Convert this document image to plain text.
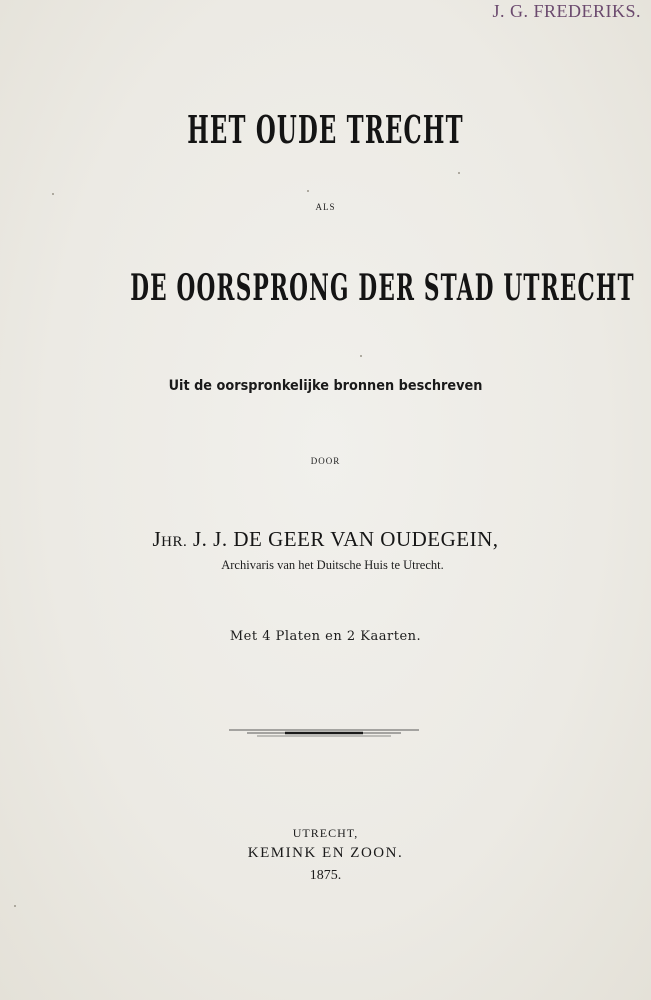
J. G. FREDERIKS.
HET OUDE TRECHT
ALS
DE OORSPRONG DER STAD UTRECHT
Uit de oorspronkelijke bronnen beschreven
DOOR
JHR. J. J. DE GEER VAN OUDEGEIN,
Archivaris van het Duitsche Huis te Utrecht.
Met 4 Platen en 2 Kaarten.
UTRECHT,
KEMINK EN ZOON.
1875.
